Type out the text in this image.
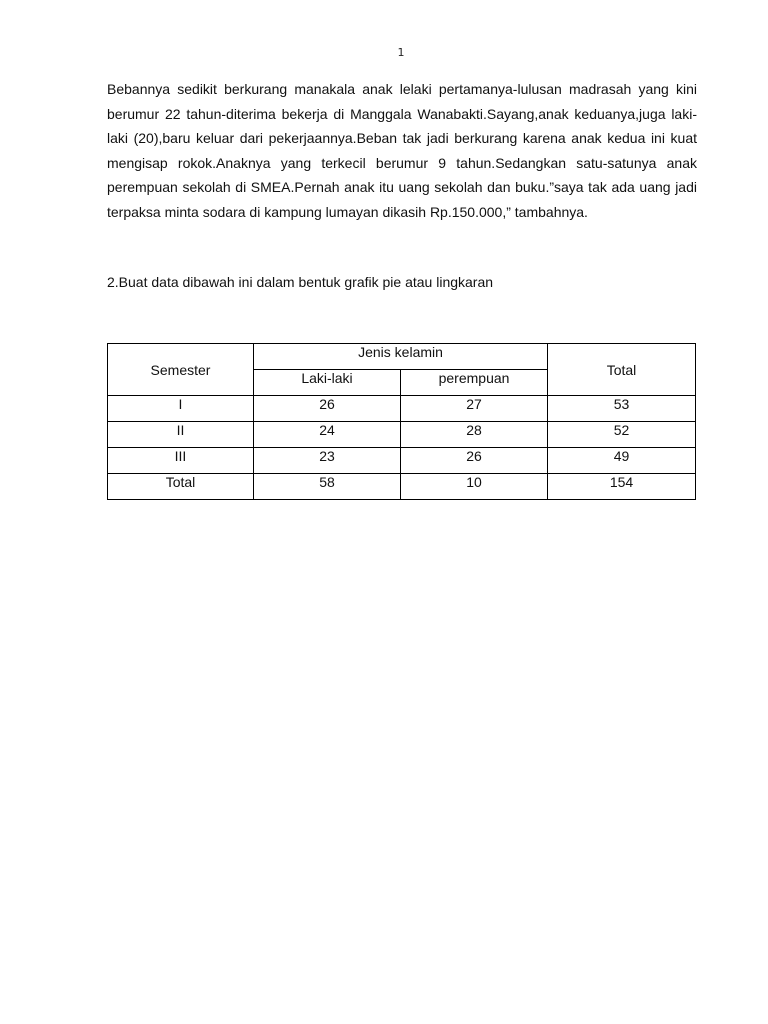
1

Bebannya sedikit berkurang manakala anak lelaki pertamanya-lulusan madrasah yang kini berumur 22 tahun-diterima bekerja di Manggala Wanabakti.Sayang,anak keduanya,juga laki-laki (20),baru keluar dari pekerjaannya.Beban tak jadi berkurang karena anak kedua ini kuat mengisap rokok.Anaknya yang terkecil berumur 9 tahun.Sedangkan satu-satunya anak perempuan sekolah di SMEA.Pernah anak itu uang sekolah dan buku.”saya tak ada uang jadi terpaksa minta sodara di kampung lumayan dikasih Rp.150.000,” tambahnya.

2.Buat data dibawah ini dalam bentuk grafik pie atau lingkaran

Semester	Jenis kelamin		Total
	Laki-laki	perempuan	
I	26	27	53
II	24	28	52
III	23	26	49
Total	58	10	154
